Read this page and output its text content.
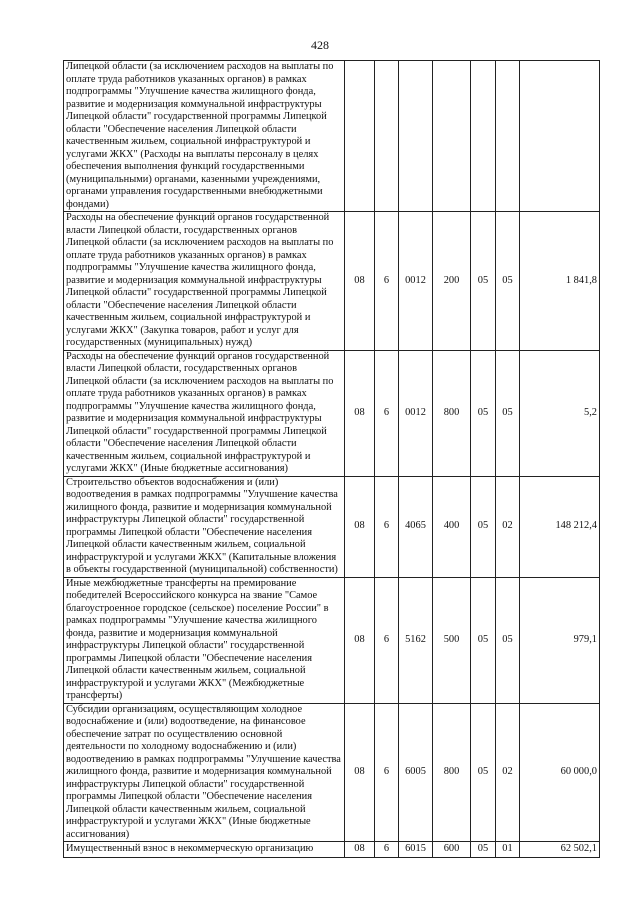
428
Липецкой области (за исключением расходов на выплаты по оплате труда работников указанных органов) в рамках подпрограммы "Улучшение качества жилищного фонда, развитие и модернизация коммунальной инфраструктуры Липецкой области" государственной программы Липецкой области "Обеспечение населения Липецкой области качественным жильем, социальной инфраструктурой и услугами ЖКХ" (Расходы на выплаты персоналу в целях обеспечения выполнения функций государственными (муниципальными) органами, казенными учреждениями, органами управления государственными внебюджетными фондами)							
Расходы на обеспечение функций органов государственной власти Липецкой области, государственных органов Липецкой области (за исключением расходов на выплаты по оплате труда работников указанных органов) в рамках подпрограммы "Улучшение качества жилищного фонда, развитие и модернизация коммунальной инфраструктуры Липецкой области" государственной программы Липецкой области "Обеспечение населения Липецкой области качественным жильем, социальной инфраструктурой и услугами ЖКХ" (Закупка товаров, работ и услуг для государственных (муниципальных) нужд)	08	6	0012	200	05	05	1 841,8
Расходы на обеспечение функций органов государственной власти Липецкой области, государственных органов Липецкой области (за исключением расходов на выплаты по оплате труда работников указанных органов) в рамках подпрограммы "Улучшение качества жилищного фонда, развитие и модернизация коммунальной инфраструктуры Липецкой области" государственной программы Липецкой области "Обеспечение населения Липецкой области качественным жильем, социальной инфраструктурой и услугами ЖКХ" (Иные бюджетные ассигнования)	08	6	0012	800	05	05	5,2
Строительство объектов водоснабжения и (или) водоотведения в рамках подпрограммы "Улучшение качества жилищного фонда, развитие и модернизация коммунальной инфраструктуры Липецкой области" государственной программы Липецкой области "Обеспечение населения Липецкой области качественным жильем, социальной инфраструктурой и услугами ЖКХ" (Капитальные вложения в объекты государственной (муниципальной) собственности)	08	6	4065	400	05	02	148 212,4
Иные межбюджетные трансферты на премирование победителей Всероссийского конкурса на звание "Самое благоустроенное городское (сельское) поселение России" в рамках подпрограммы "Улучшение качества жилищного фонда, развитие и модернизация коммунальной инфраструктуры Липецкой области" государственной программы Липецкой области "Обеспечение населения Липецкой области качественным жильем, социальной инфраструктурой и услугами ЖКХ" (Межбюджетные трансферты)	08	6	5162	500	05	05	979,1
Субсидии организациям, осуществляющим холодное водоснабжение и (или) водоотведение, на финансовое обеспечение затрат по осуществлению основной деятельности по холодному водоснабжению и (или) водоотведению в рамках подпрограммы "Улучшение качества жилищного фонда, развитие и модернизация коммунальной инфраструктуры Липецкой области" государственной программы Липецкой области "Обеспечение населения Липецкой области качественным жильем, социальной инфраструктурой и услугами ЖКХ" (Иные бюджетные ассигнования)	08	6	6005	800	05	02	60 000,0
Имущественный взнос в некоммерческую организацию	08	6	6015	600	05	01	62 502,1
